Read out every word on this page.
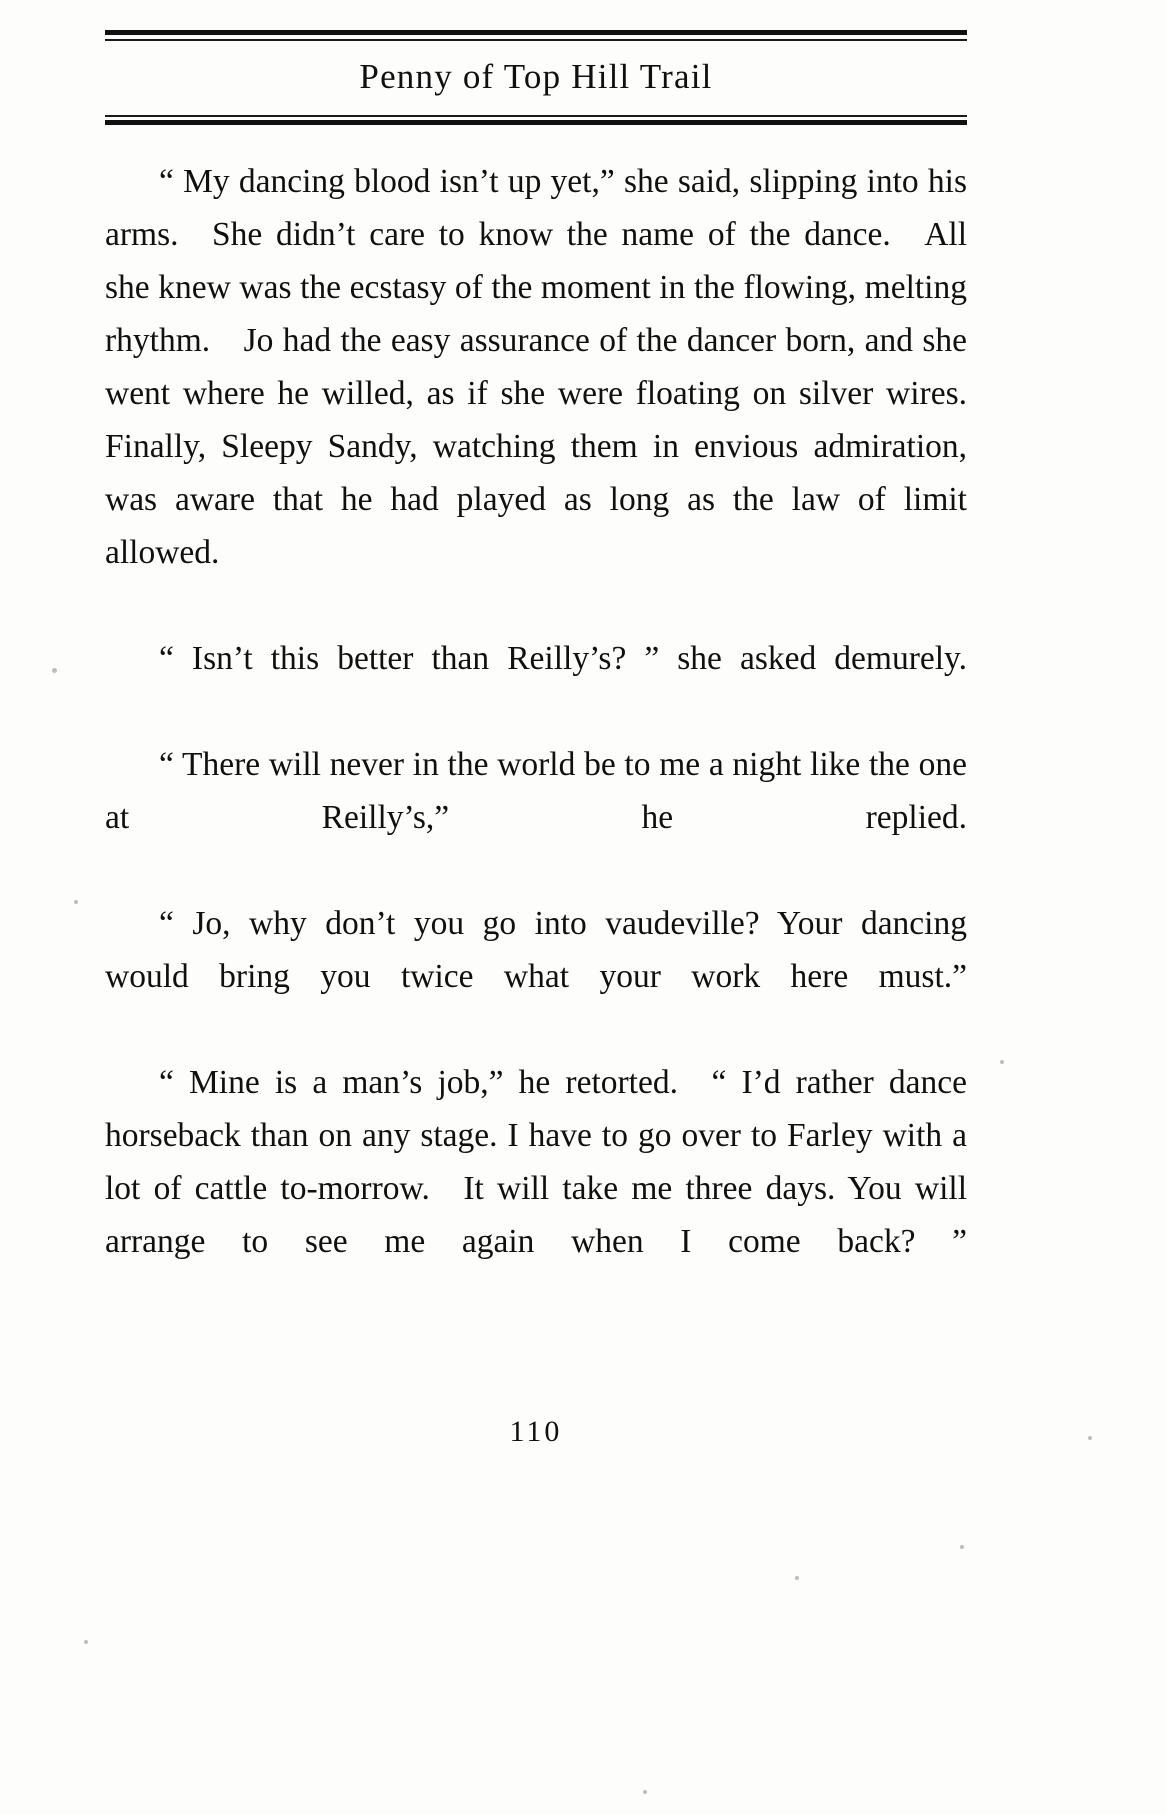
Penny of Top Hill Trail

“ My dancing blood isn’t up yet,” she said, slipping into his arms. She didn’t care to know the name of the dance. All she knew was the ecstasy of the moment in the flowing, melting rhythm. Jo had the easy assurance of the dancer born, and she went where he willed, as if she were floating on silver wires. Finally, Sleepy Sandy, watching them in envious admiration, was aware that he had played as long as the law of limit allowed.

“ Isn’t this better than Reilly’s? ” she asked demurely.

“ There will never in the world be to me a night like the one at Reilly’s,” he replied.

“ Jo, why don’t you go into vaudeville? Your dancing would bring you twice what your work here must.”

“ Mine is a man’s job,” he retorted. “ I’d rather dance horseback than on any stage. I have to go over to Farley with a lot of cattle to-morrow. It will take me three days. You will arrange to see me again when I come back? ”

110
